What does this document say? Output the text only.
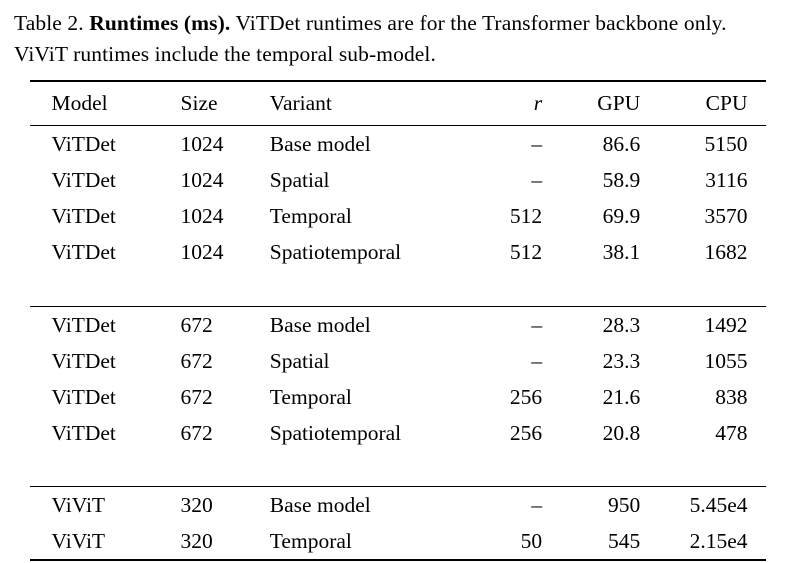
Table 2. Runtimes (ms). ViTDet runtimes are for the Transformer backbone only. ViViT runtimes include the temporal sub-model.

Model	Size	Variant	r	GPU	CPU
ViTDet	1024	Base model	–	86.6	5150
ViTDet	1024	Spatial	–	58.9	3116
ViTDet	1024	Temporal	512	69.9	3570
ViTDet	1024	Spatiotemporal	512	38.1	1682

ViTDet	672	Base model	–	28.3	1492
ViTDet	672	Spatial	–	23.3	1055
ViTDet	672	Temporal	256	21.6	838
ViTDet	672	Spatiotemporal	256	20.8	478

ViViT	320	Base model	–	950	5.45e4
ViViT	320	Temporal	50	545	2.15e4
